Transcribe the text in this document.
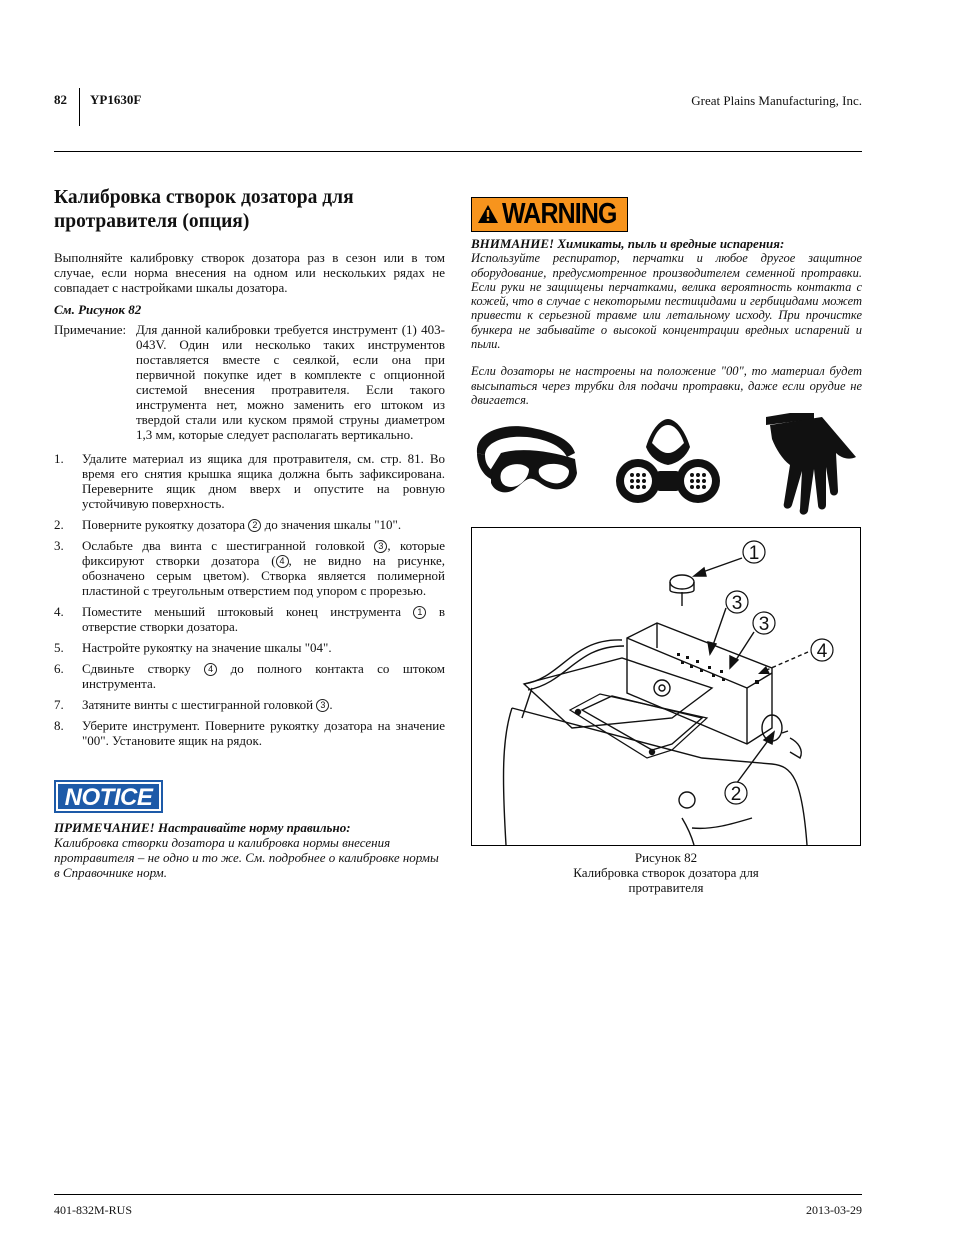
82 YP1630F	Great Plains Manufacturing, Inc.
Калибровка створок дозатора для протравителя (опция)

Выполняйте калибровку створок дозатора раз в сезон или в том случае, если норма внесения на одном или нескольких рядах не совпадает с настройками шкалы дозатора.

См. Рисунок 82

Примечание: Для данной калибровки требуется инструмент (1) 403-043V. Один или несколько таких инструментов поставляется вместе с сеялкой, если она при первичной покупке идет в комплекте с опционной системой внесения протравителя. Если такого инструмента нет, можно заменить его штоком из твердой стали или куском прямой струны диаметром 1,3 мм, которые следует располагать вертикально.
1.	Удалите материал из ящика для протравителя, см. стр. 81. Во время его снятия крышка ящика должна быть зафиксирована. Переверните ящик дном вверх и опустите на ровную устойчивую поверхность.
2.	Поверните рукоятку дозатора 2 до значения шкалы "10".
3.	Ослабьте два винта с шестигранной головкой 3 , которые фиксируют створки дозатора ( 4 , не видно на рисунке, обозначено серым цветом). Створка является полимерной пластиной с треугольным отверстием под упором с прорезью.
4.	Поместите меньший штоковый конец инструмента 1 в отверстие створки дозатора.
5.	Настройте рукоятку на значение шкалы "04".
6.	Сдвиньте створку 4 до полного контакта со штоком инструмента.
7.	Затяните винты с шестигранной головкой 3 .
8.	Уберите инструмент. Поверните рукоятку дозатора на значение "00". Установите ящик на рядок.
NOTICE
ПРИМЕЧАНИЕ! Настраивайте норму правильно:
Калибровка створки дозатора и калибровка нормы внесения протравителя – не одно и то же. См. подробнее о калибровке нормы в Справочнике норм.
WARNING
ВНИМАНИЕ! Химикаты, пыль и вредные испарения:

Используйте респиратор, перчатки и любое другое защитное оборудование, предусмотренное производителем семенной протравки. Если руки не защищены перчатками, велика вероятность контакта с кожей, что в случае с некоторыми пестицидами и гербицидами может привести к серьезной травме или летальному исходу. При прочистке бункера не забывайте о высокой концентрации вредных испарений и пыли.

Если дозаторы не настроены на положение "00", то материал будет высыпаться через трубки для подачи протравки, даже если орудие не двигается.

1
3
3
4
2
Рисунок 82
Калибровка створок дозатора для протравителя
401-832M-RUS	2013-03-29
